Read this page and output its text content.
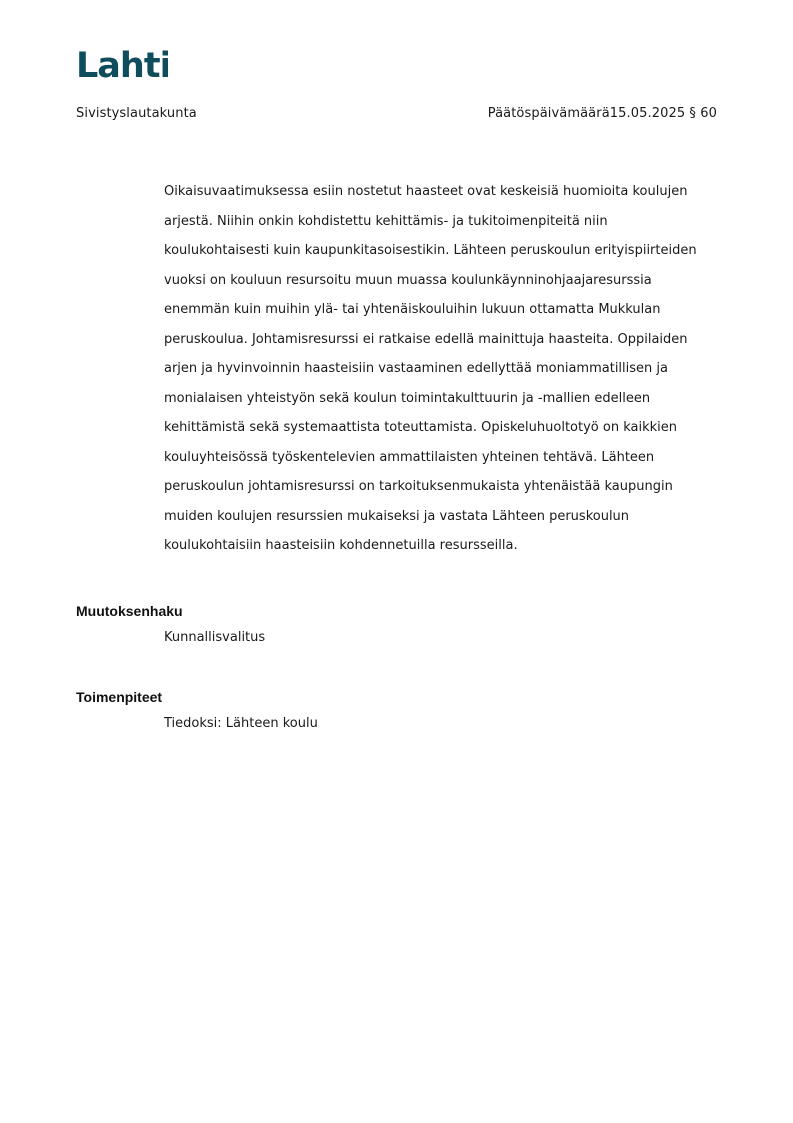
Lahti
Sivistyslautakunta	Päätöspäivämäärä15.05.2025 § 60
Oikaisuvaatimuksessa esiin nostetut haasteet ovat keskeisiä huomioita koulujen
arjestä. Niihin onkin kohdistettu kehittämis- ja tukitoimenpiteitä niin
koulukohtaisesti kuin kaupunkitasoisestikin. Lähteen peruskoulun erityispiirteiden
vuoksi on kouluun resursoitu muun muassa koulunkäynninohjaajaresurssia
enemmän kuin muihin ylä- tai yhtenäiskouluihin lukuun ottamatta Mukkulan
peruskoulua. Johtamisresurssi ei ratkaise edellä mainittuja haasteita. Oppilaiden
arjen ja hyvinvoinnin haasteisiin vastaaminen edellyttää moniammatillisen ja
monialaisen yhteistyön sekä koulun toimintakulttuurin ja -mallien edelleen
kehittämistä sekä systemaattista toteuttamista. Opiskeluhuoltotyö on kaikkien
kouluyhteisössä työskentelevien ammattilaisten yhteinen tehtävä. Lähteen
peruskoulun johtamisresurssi on tarkoituksenmukaista yhtenäistää kaupungin
muiden koulujen resurssien mukaiseksi ja vastata Lähteen peruskoulun
koulukohtaisiin haasteisiin kohdennetuilla resursseilla.
Muutoksenhaku
Kunnallisvalitus
Toimenpiteet
Tiedoksi: Lähteen koulu
